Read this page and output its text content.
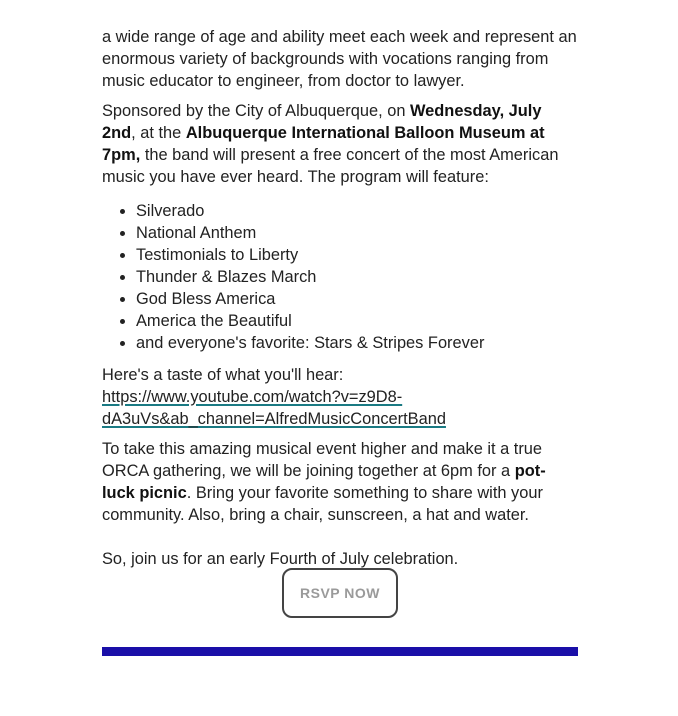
a wide range of age and ability meet each week and represent an enormous variety of backgrounds with vocations ranging from music educator to engineer, from doctor to lawyer.

Sponsored by the City of Albuquerque, on Wednesday, July 2nd, at the Albuquerque International Balloon Museum at 7pm, the band will present a free concert of the most American music you have ever heard. The program will feature:

• Silverado
• National Anthem
• Testimonials to Liberty
• Thunder & Blazes March
• God Bless America
• America the Beautiful
• and everyone's favorite: Stars & Stripes Forever

Here's a taste of what you'll hear: https://www.youtube.com/watch?v=z9D8-dA3uVs&ab_channel=AlfredMusicConcertBand

To take this amazing musical event higher and make it a true ORCA gathering, we will be joining together at 6pm for a pot-luck picnic. Bring your favorite something to share with your community. Also, bring a chair, sunscreen, a hat and water.

So, join us for an early Fourth of July celebration.

RSVP NOW
